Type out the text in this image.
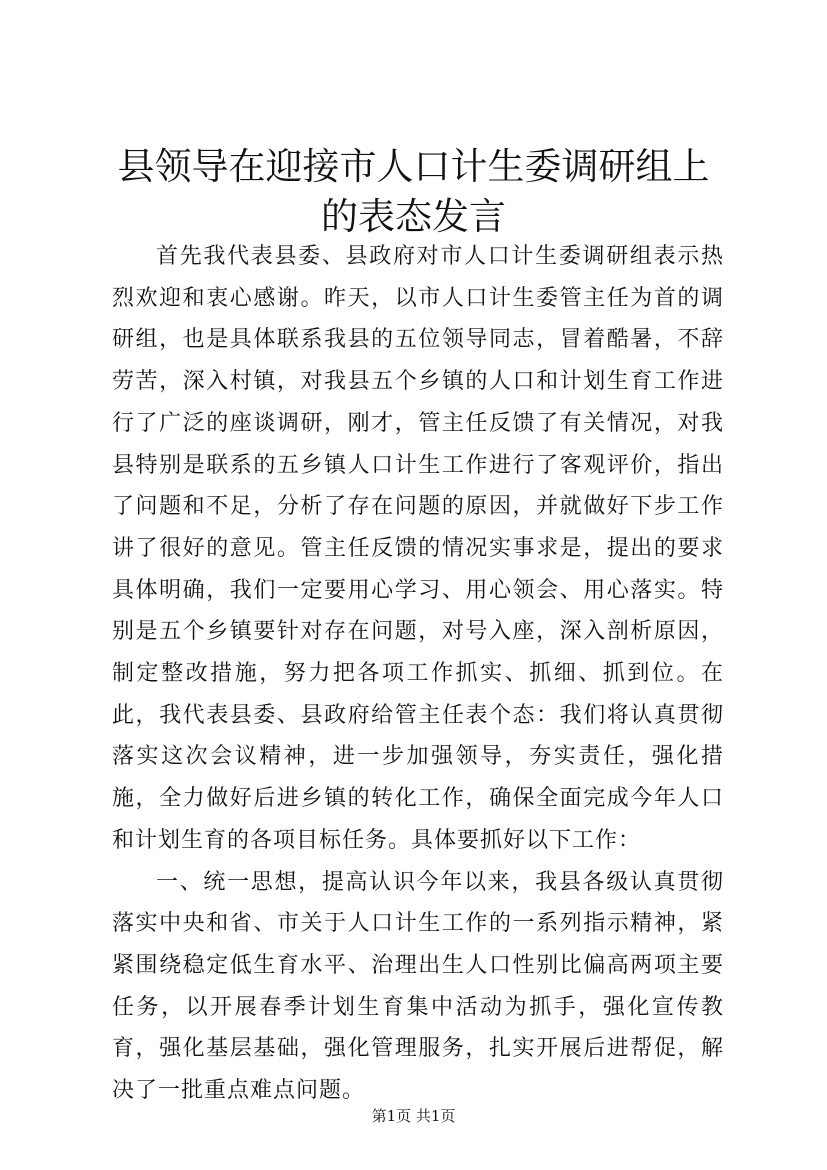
县领导在迎接市人口计生委调研组上的表态发言

首先我代表县委、县政府对市人口计生委调研组表示热烈欢迎和衷心感谢。昨天，以市人口计生委管主任为首的调研组，也是具体联系我县的五位领导同志，冒着酷暑，不辞劳苦，深入村镇，对我县五个乡镇的人口和计划生育工作进行了广泛的座谈调研，刚才，管主任反馈了有关情况，对我县特别是联系的五乡镇人口计生工作进行了客观评价，指出了问题和不足，分析了存在问题的原因，并就做好下步工作讲了很好的意见。管主任反馈的情况实事求是，提出的要求具体明确，我们一定要用心学习、用心领会、用心落实。特别是五个乡镇要针对存在问题，对号入座，深入剖析原因，制定整改措施，努力把各项工作抓实、抓细、抓到位。在此，我代表县委、县政府给管主任表个态：我们将认真贯彻落实这次会议精神，进一步加强领导，夯实责任，强化措施，全力做好后进乡镇的转化工作，确保全面完成今年人口和计划生育的各项目标任务。具体要抓好以下工作：

一、统一思想，提高认识今年以来，我县各级认真贯彻落实中央和省、市关于人口计生工作的一系列指示精神，紧紧围绕稳定低生育水平、治理出生人口性别比偏高两项主要任务，以开展春季计划生育集中活动为抓手，强化宣传教育，强化基层基础，强化管理服务，扎实开展后进帮促，解决了一批重点难点问题。

第1页 共1页
